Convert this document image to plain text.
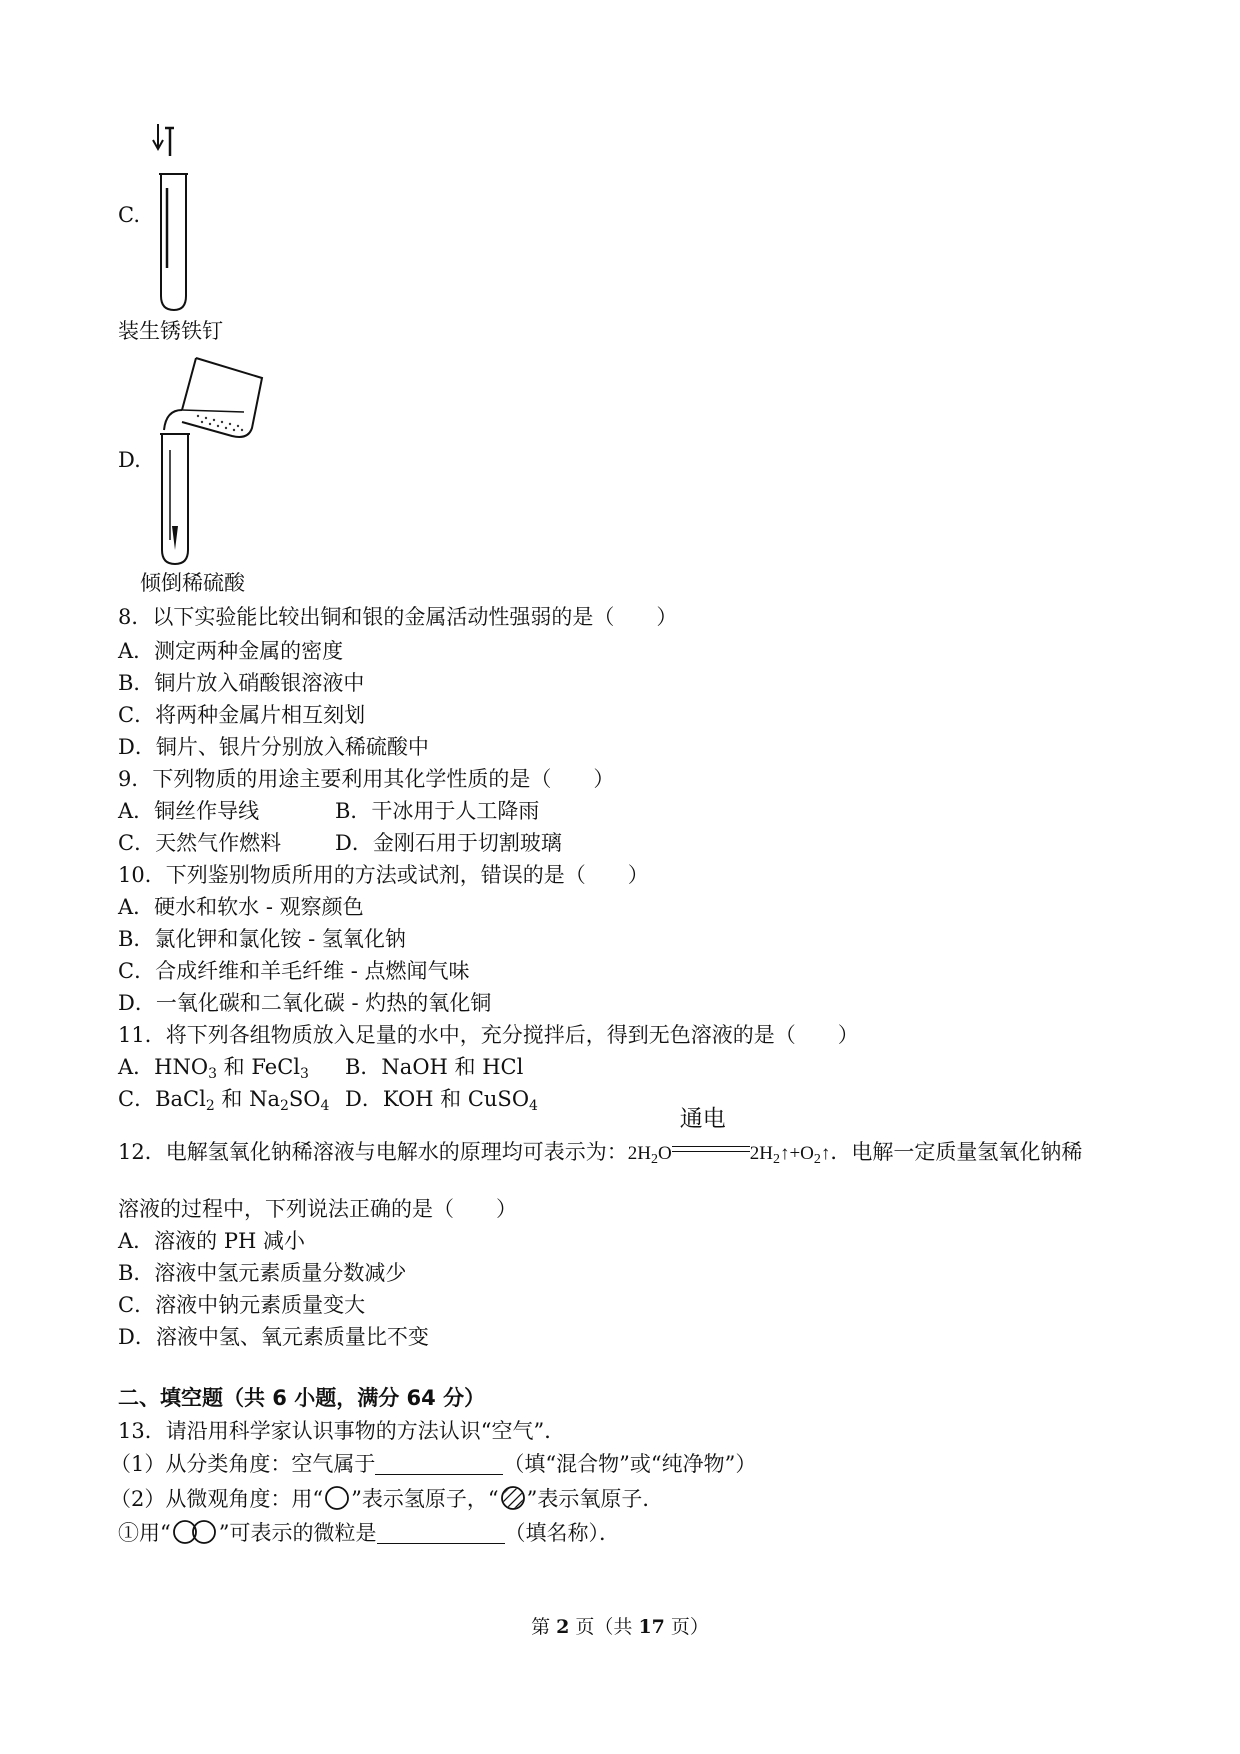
C.
装生锈铁钉
D.
倾倒稀硫酸
8．以下实验能比较出铜和银的金属活动性强弱的是（　　）
A．测定两种金属的密度
B．铜片放入硝酸银溶液中
C．将两种金属片相互刻划
D．铜片、银片分别放入稀硫酸中
9．下列物质的用途主要利用其化学性质的是（　　）
A．铜丝作导线	B．干冰用于人工降雨
C．天然气作燃料	D．金刚石用于切割玻璃
10．下列鉴别物质所用的方法或试剂，错误的是（　　）
A．硬水和软水 - 观察颜色
B．氯化钾和氯化铵 - 氢氧化钠
C．合成纤维和羊毛纤维 - 点燃闻气味
D．一氧化碳和二氧化碳 - 灼热的氧化铜
11．将下列各组物质放入足量的水中，充分搅拌后，得到无色溶液的是（　　）
A．$HNO_3$ 和 FeCl$_3$ B．NaOH 和 HCl
C．BaCl$_2$ 和 $Na_2SO_4$ D．KOH 和 CuSO$_4$
12．电解氢氧化钠稀溶液与电解水的原理均可表示为：$2H_2O$
通电
$2H_2↑+O_2↑$．电解一定质量氢氧化钠稀
溶液的过程中，下列说法正确的是（　　）
A．溶液的 PH 减小
B．溶液中氢元素质量分数减少
C．溶液中钠元素质量变大
D．溶液中氢、氧元素质量比不变
二、填空题（共 6 小题，满分 64 分）
13．请沿用科学家认识事物的方法认识“空气”．
（1）从分类角度：空气属于	（填“混合物”或“纯净物”）
（2）从微观角度：用“ ”表示氢原子，“ ”表示氧原子．
①用“ ”可表示的微粒是	（填名称）．
第 2 页（共 17 页）
